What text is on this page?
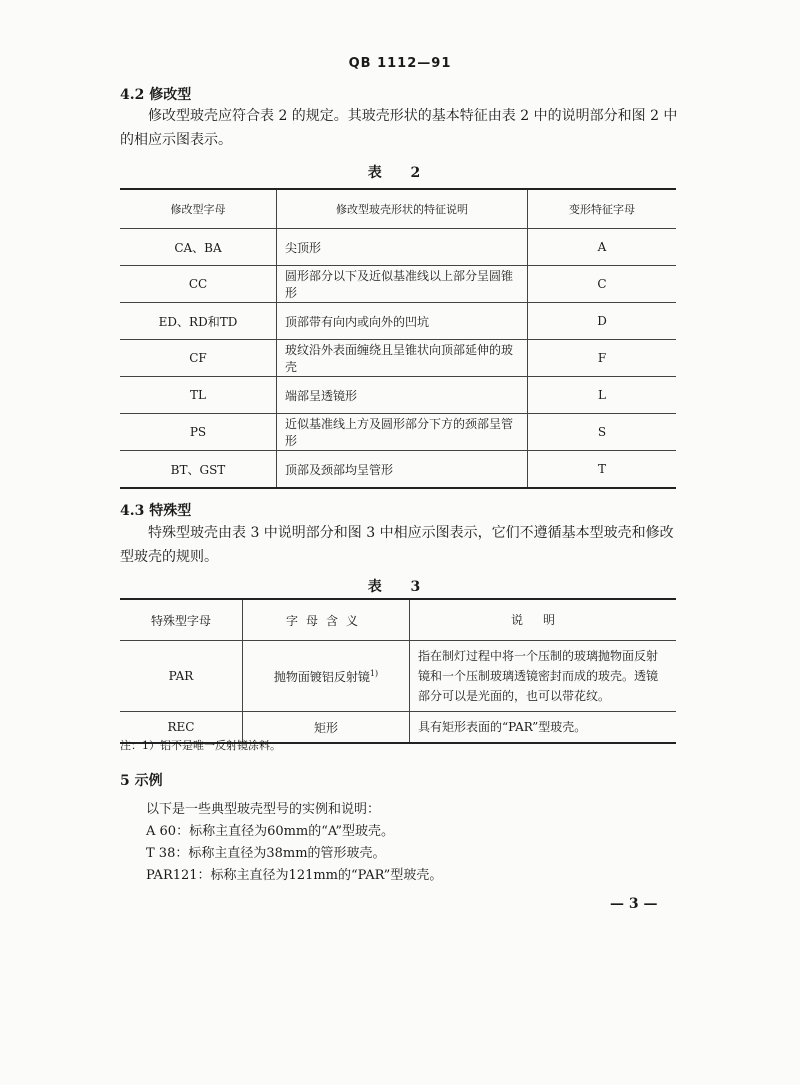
QB 1112—91
4.2 修改型
修改型玻壳应符合表 2 的规定。其玻壳形状的基本特征由表 2 中的说明部分和图 2 中的相应示图表示。
表 2
修改型字母	修改型玻壳形状的特征说明	变形特征字母
CA、BA	尖顶形	A
CC	圆形部分以下及近似基准线以上部分呈圆锥形	C
ED、RD和TD	顶部带有向内或向外的凹坑	D
CF	玻纹沿外表面缠绕且呈锥状向顶部延伸的玻壳	F
TL	端部呈透镜形	L
PS	近似基准线上方及圆形部分下方的颈部呈管形	S
BT、GST	顶部及颈部均呈管形	T
4.3 特殊型
特殊型玻壳由表 3 中说明部分和图 3 中相应示图表示，它们不遵循基本型玻壳和修改型玻壳的规则。
表 3
特殊型字母	字母含义	说明
PAR	抛物面镀铝反射镜$^{1)}$	指在制灯过程中将一个压制的玻璃抛物面反射镜和一个压制玻璃透镜密封而成的玻壳。透镜部分可以是光面的，也可以带花纹。
REC	矩形	具有矩形表面的“PAR”型玻壳。
注：1）铝不是唯一反射镜涂料。
5 示例
以下是一些典型玻壳型号的实例和说明：
A 60：标称主直径为60mm的“A”型玻壳。
T 38：标称主直径为38mm的管形玻壳。
PAR121：标称主直径为121mm的“PAR”型玻壳。
— 3 —
